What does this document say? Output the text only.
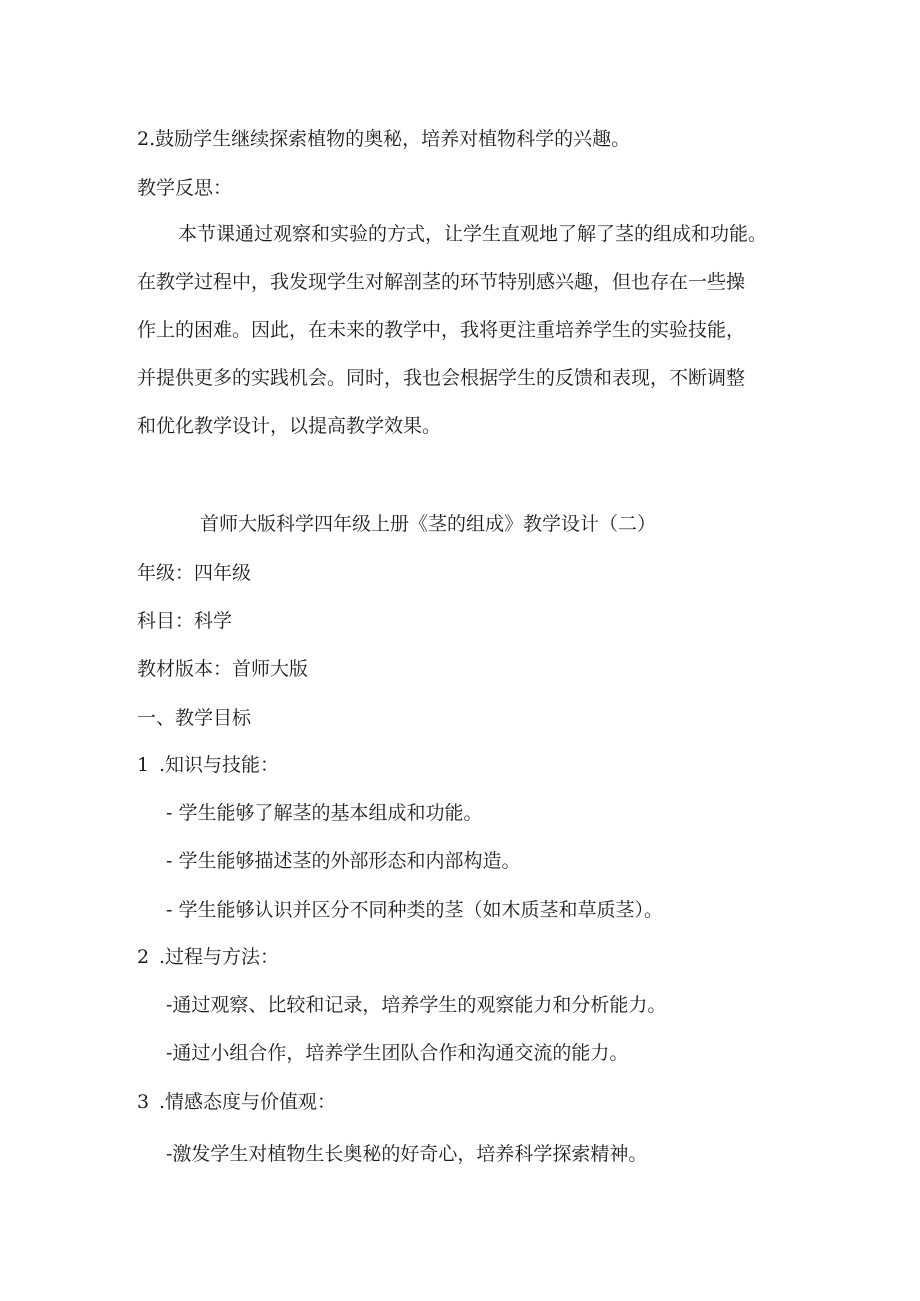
2.鼓励学生继续探索植物的奥秘，培养对植物科学的兴趣。

教学反思：

本节课通过观察和实验的方式，让学生直观地了解了茎的组成和功能。

在教学过程中，我发现学生对解剖茎的环节特别感兴趣，但也存在一些操

作上的困难。因此，在未来的教学中，我将更注重培养学生的实验技能，

并提供更多的实践机会。同时，我也会根据学生的反馈和表现，不断调整

和优化教学设计，以提高教学效果。

首师大版科学四年级上册《茎的组成》教学设计（二）

年级：四年级

科目：科学

教材版本：首师大版

一、教学目标

1 .知识与技能：

- 学生能够了解茎的基本组成和功能。

- 学生能够描述茎的外部形态和内部构造。

- 学生能够认识并区分不同种类的茎（如木质茎和草质茎）。

2 .过程与方法：

-通过观察、比较和记录，培养学生的观察能力和分析能力。

-通过小组合作，培养学生团队合作和沟通交流的能力。

3 .情感态度与价值观：

-激发学生对植物生长奥秘的好奇心，培养科学探索精神。
